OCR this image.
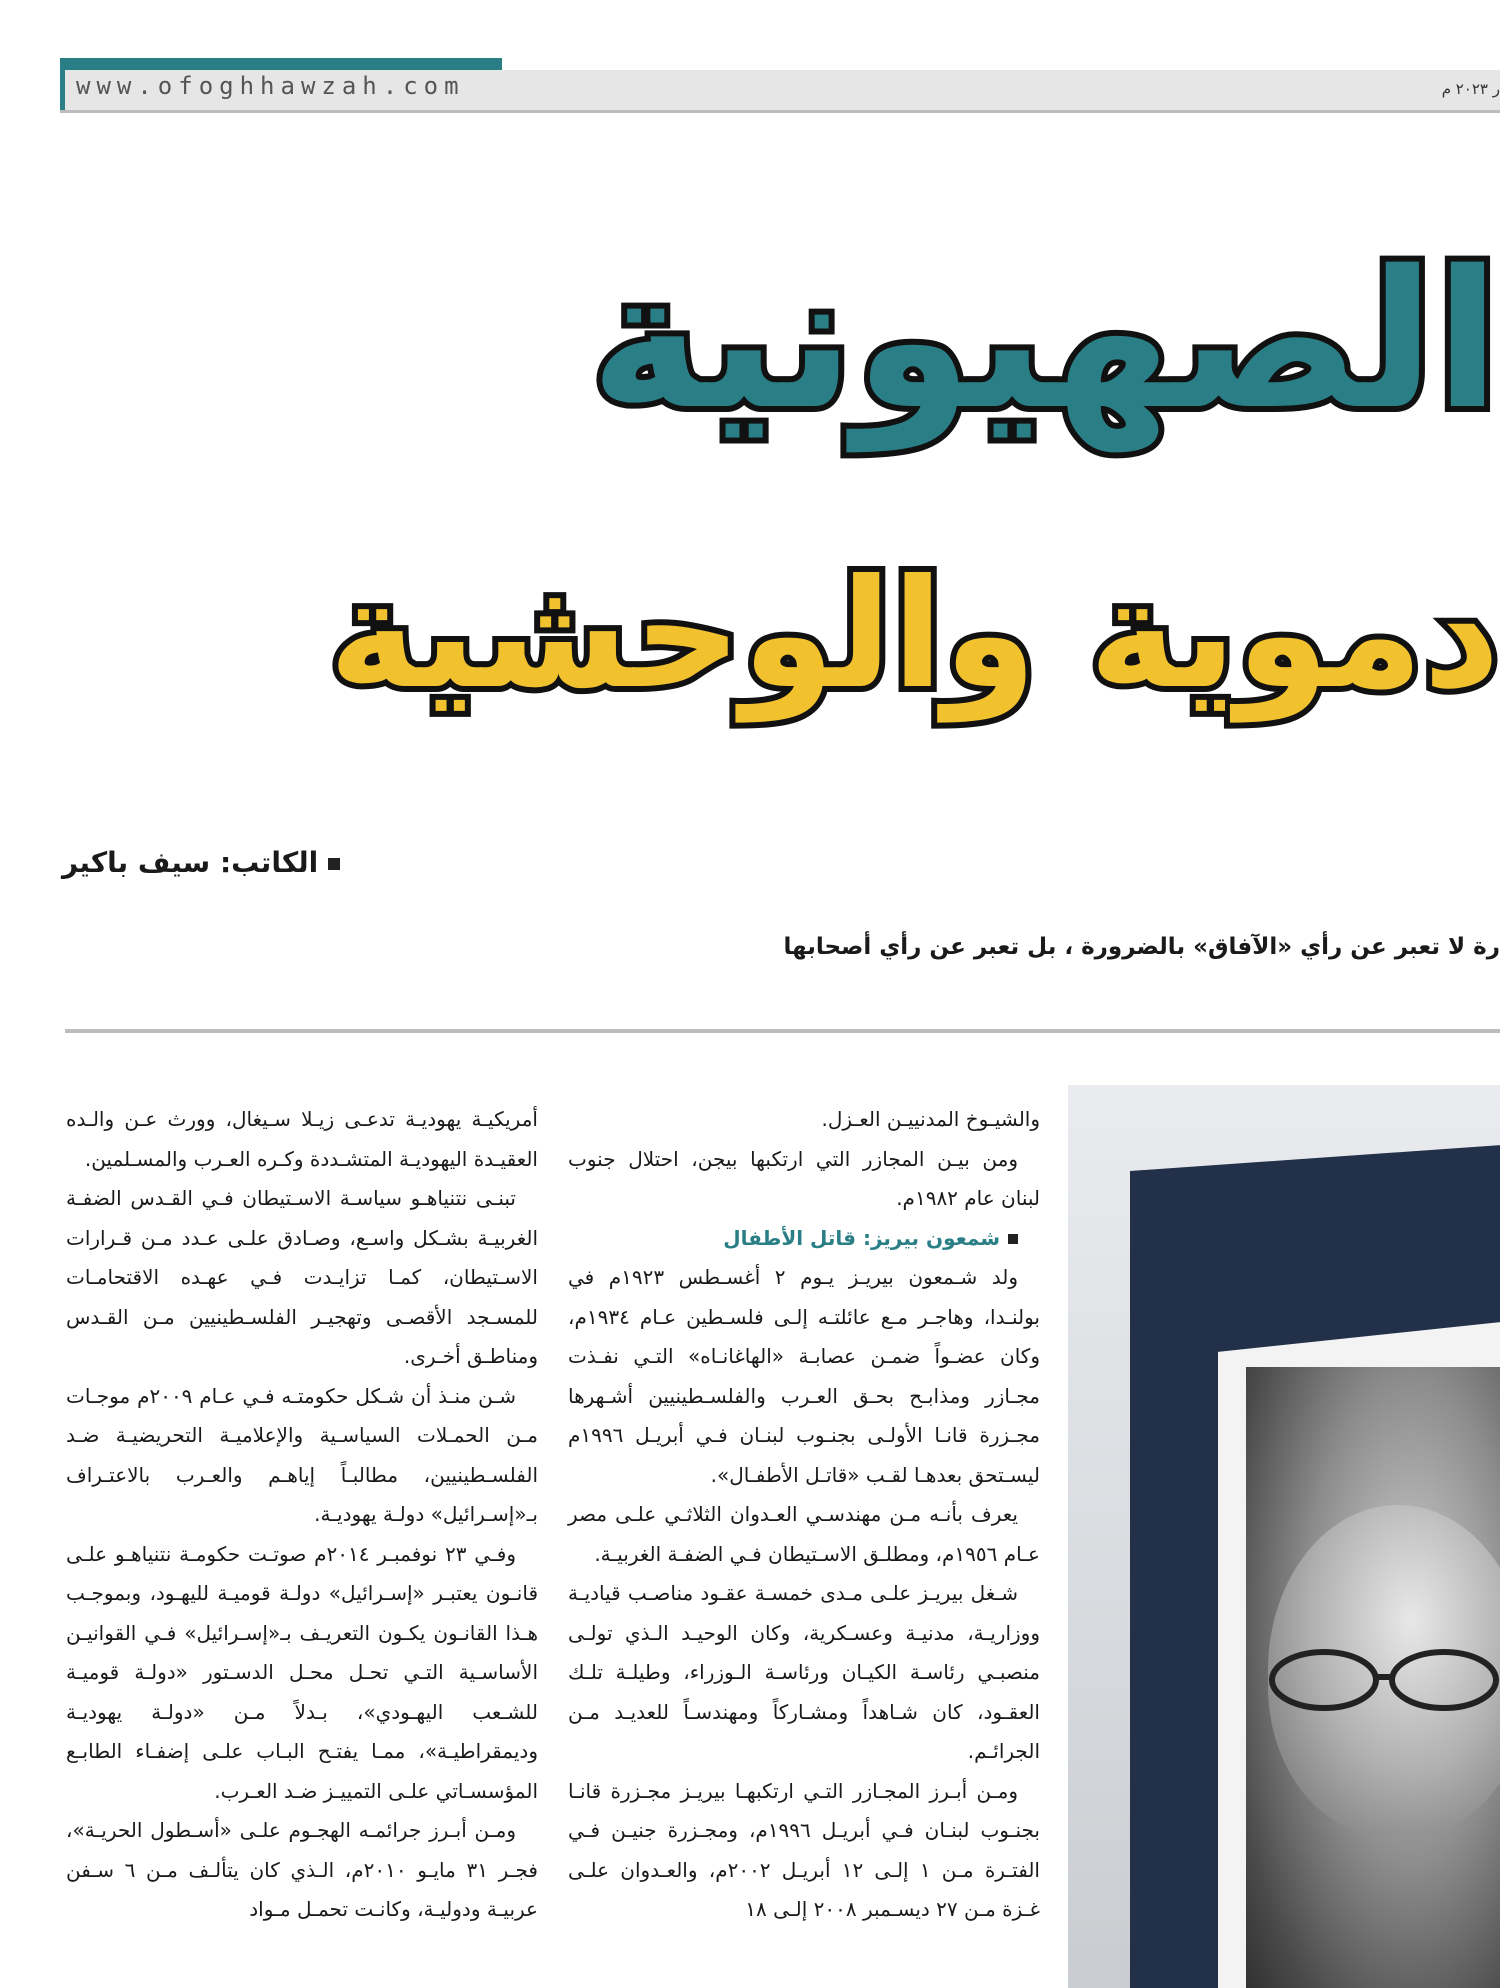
www.ofoghhawzah.com	ر ٢٠٢٣ م
الصهيونية
دموية والوحشية
الكاتب: سيف باكير
رة لا تعبر عن رأي «الآفاق» بالضرورة ، بل تعبر عن رأي أصحابها

والشيـوخ المدنييـن العـزل.

ومن بيـن المجازر التي ارتكبها بيجن، احتلال جنوب لبنان عام ١٩٨٢م.

شمعون بيريز: قاتل الأطفال

ولد شـمعون بيريـز يـوم ٢ أغسـطس ١٩٢٣م في بولنـدا، وهاجـر مـع عائلتـه إلـى فلسـطين عـام ١٩٣٤م، وكان عضـواً ضمـن عصابـة «الهاغانـاه» التـي نفـذت مجـازر ومذابـح بحـق العـرب والفلسـطينيين أشـهرها مجـزرة قانـا الأولـى بجنـوب لبنـان فـي أبريـل ١٩٩٦م ليسـتحق بعدهـا لقـب «قاتـل الأطفـال».

يعرف بأنـه مـن مهندسـي العـدوان الثلاثـي علـى مصر عـام ١٩٥٦م، ومطلـق الاسـتيطان فـي الضفـة الغربيـة.

شـغل بيريـز علـى مـدى خمسـة عقـود مناصـب قياديـة ووزاريـة، مدنيـة وعسـكرية، وكان الوحيـد الـذي تولـى منصبـي رئاسـة الكيـان ورئاسـة الـوزراء، وطيلـة تلـك العقـود، كان شـاهداً ومشـاركاً ومهندسـاً للعديـد مـن الجرائـم.

ومـن أبـرز المجـازر التـي ارتكبهـا بيريـز مجـزرة قانـا بجنـوب لبنـان فـي أبريـل ١٩٩٦م، ومجـزرة جنيـن فـي الفتـرة مـن ١ إلـى ١٢ أبريـل ٢٠٠٢م، والعـدوان علـى غـزة مـن ٢٧ ديسـمبر ٢٠٠٨ إلـى ١٨

أمريكيـة يهوديـة تدعـى زيـلا سـيغال، وورث عـن والـده العقيـدة اليهوديـة المتشـددة وكـره العـرب والمسـلمين.

تبنـى نتنياهـو سياسـة الاسـتيطان فـي القـدس الضفـة الغربيـة بشـكل واسـع، وصـادق علـى عـدد مـن قـرارات الاسـتيطان، كمـا تزايـدت فـي عهـده الاقتحامـات للمسـجد الأقصـى وتهجيـر الفلسـطينيين مـن القـدس ومناطـق أخـرى.

شـن منـذ أن شـكل حكومتـه فـي عـام ٢٠٠٩م موجـات مـن الحمـلات السياسـية والإعلاميـة التحريضيـة ضـد الفلسـطينيين، مطالبـاً إياهـم والعـرب بالاعتـراف بـ«إسـرائيل» دولـة يهوديـة.

وفـي ٢٣ نوفمبـر ٢٠١٤م صوتـت حكومـة نتنياهـو علـى قانـون يعتبـر «إسـرائيل» دولـة قوميـة لليهـود، وبموجـب هـذا القانـون يكـون التعريـف بـ«إسـرائيل» فـي القوانيـن الأساسـية التـي تحـل محـل الدسـتور «دولـة قوميـة للشـعب اليهـودي»، بـدلاً مـن «دولـة يهوديـة وديمقراطيـة»، ممـا يفتـح البـاب علـى إضفـاء الطابـع المؤسسـاتي علـى التمييـز ضـد العـرب.

ومـن أبـرز جرائمـه الهجـوم علـى «أسـطول الحريـة»، فجـر ٣١ مايـو ٢٠١٠م، الـذي كان يتألـف مـن ٦ سـفن عربيـة ودوليـة، وكانـت تحمـل مـواد
